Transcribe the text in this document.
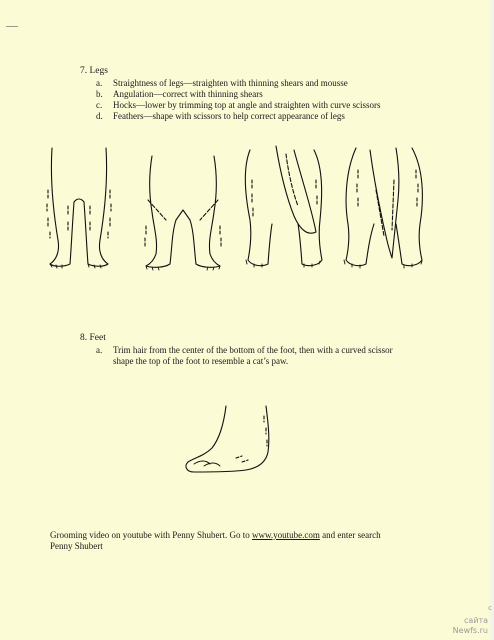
7. Legs
a. Straightness of legs—straighten with thinning shears and mousse
b. Angulation—correct with thinning shears
c. Hocks—lower by trimming top at angle and straighten with curve scissors
d. Feathers—shape with scissors to help correct appearance of legs
8. Feet
a. Trim hair from the center of the bottom of the foot, then with a curved scissor
shape the top of the foot to resemble a cat’s paw.
Grooming video on youtube with Penny Shubert. Go to www.youtube.com and enter search
Penny Shubert
c
сайта
Newfs.ru
